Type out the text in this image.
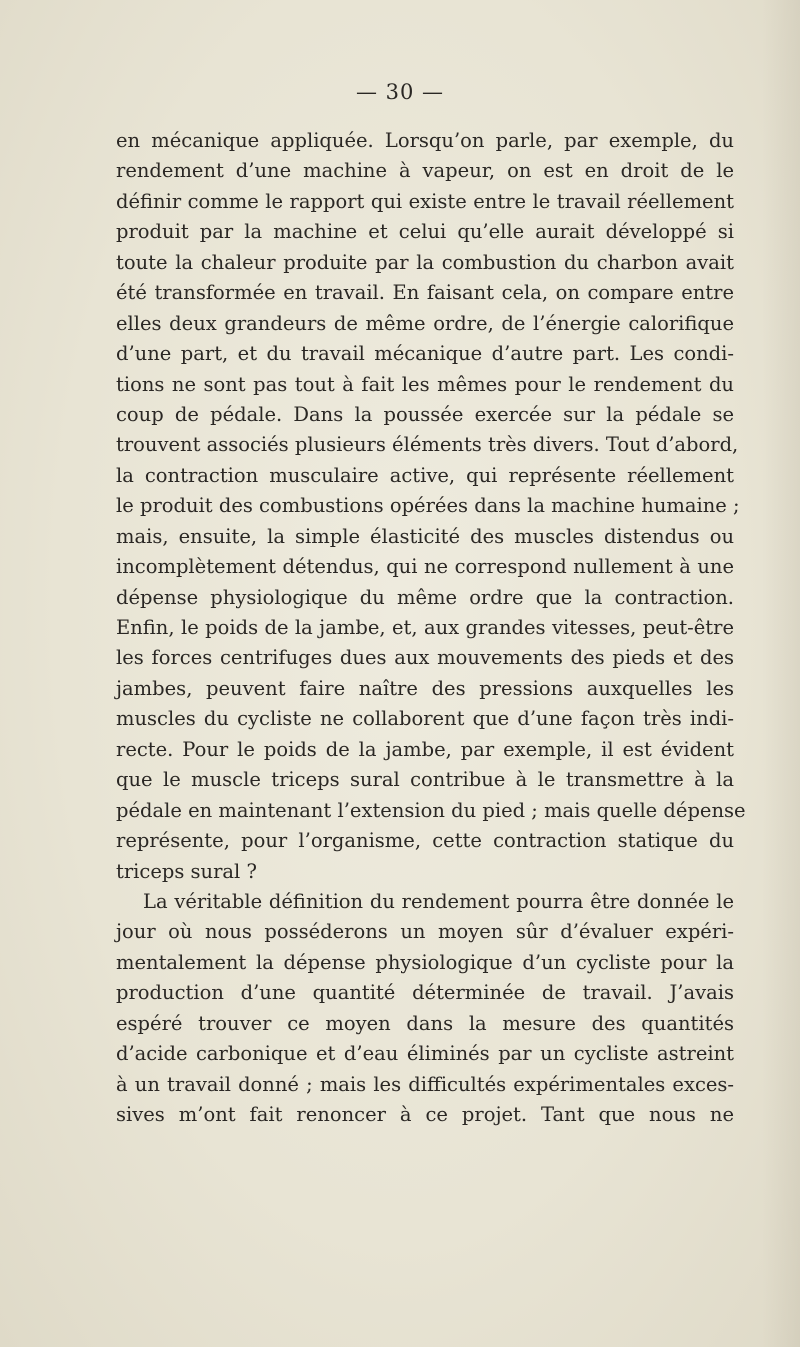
— 30 —
en mécanique appliquée. Lorsqu’on parle, par exemple, du
rendement d’une machine à vapeur, on est en droit de le
définir comme le rapport qui existe entre le travail réellement
produit par la machine et celui qu’elle aurait développé si
toute la chaleur produite par la combustion du charbon avait
été transformée en travail. En faisant cela, on compare entre
elles deux grandeurs de même ordre, de l’énergie calorifique
d’une part, et du travail mécanique d’autre part. Les condi-
tions ne sont pas tout à fait les mêmes pour le rendement du
coup de pédale. Dans la poussée exercée sur la pédale se
trouvent associés plusieurs éléments très divers. Tout d’abord,
la contraction musculaire active, qui représente réellement
le produit des combustions opérées dans la machine humaine ;
mais, ensuite, la simple élasticité des muscles distendus ou
incomplètement détendus, qui ne correspond nullement à une
dépense physiologique du même ordre que la contraction.
Enfin, le poids de la jambe, et, aux grandes vitesses, peut-être
les forces centrifuges dues aux mouvements des pieds et des
jambes, peuvent faire naître des pressions auxquelles les
muscles du cycliste ne collaborent que d’une façon très indi-
recte. Pour le poids de la jambe, par exemple, il est évident
que le muscle triceps sural contribue à le transmettre à la
pédale en maintenant l’extension du pied ; mais quelle dépense
représente, pour l’organisme, cette contraction statique du
triceps sural ?
La véritable définition du rendement pourra être donnée le
jour où nous posséderons un moyen sûr d’évaluer expéri-
mentalement la dépense physiologique d’un cycliste pour la
production d’une quantité déterminée de travail. J’avais
espéré trouver ce moyen dans la mesure des quantités
d’acide carbonique et d’eau éliminés par un cycliste astreint
à un travail donné ; mais les difficultés expérimentales exces-
sives m’ont fait renoncer à ce projet. Tant que nous ne
